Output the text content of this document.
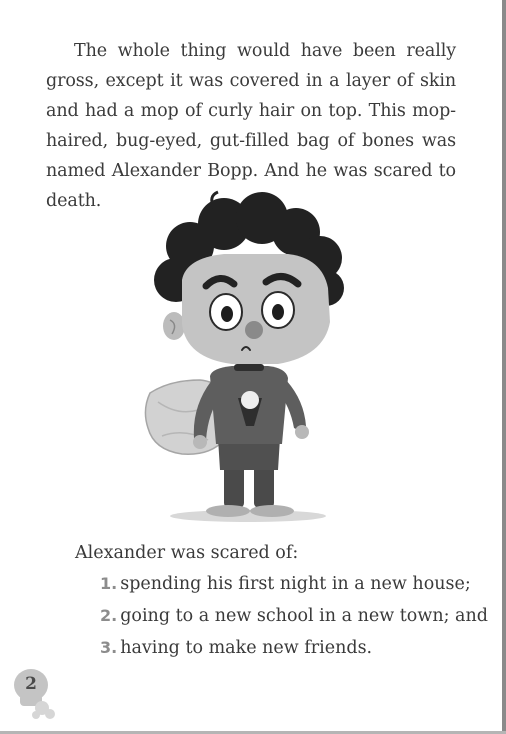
The whole thing would have been really gross, except it was covered in a layer of skin and had a mop of curly hair on top. This mop-haired, bug-eyed, gut-filled bag of bones was named Alexander Bopp. And he was scared to death.

Alexander was scared of:

1. spending his first night in a new house;
2. going to a new school in a new town; and
3. having to make new friends.
2
